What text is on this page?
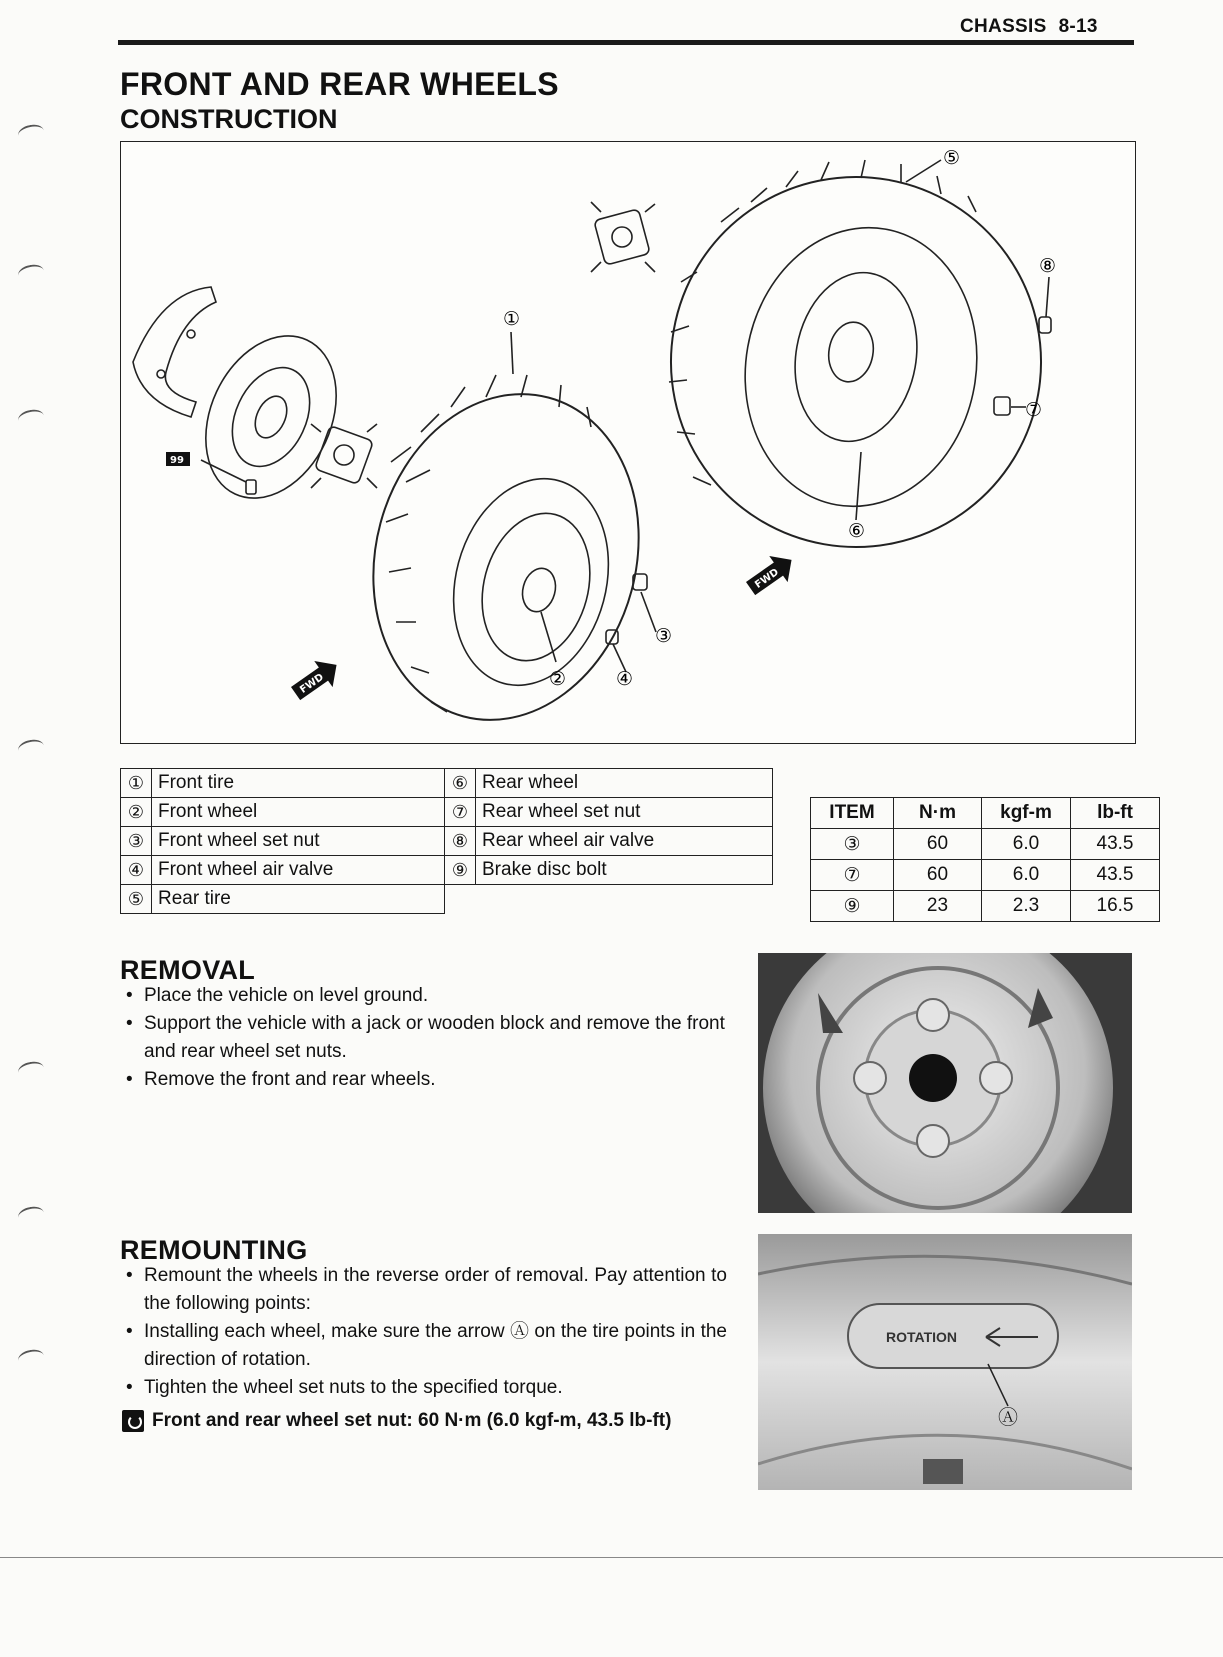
CHASSIS 8-13
FRONT AND REAR WHEELS
CONSTRUCTION
①
②
③
④
⑤
⑥
⑦
⑧
99
FWD
FWD
①	Front tire	⑥	Rear wheel
②	Front wheel	⑦	Rear wheel set nut
③	Front wheel set nut	⑧	Rear wheel air valve
④	Front wheel air valve	⑨	Brake disc bolt
⑤	Rear tire		
ITEM	N·m	kgf-m	lb-ft
③	60	6.0	43.5
⑦	60	6.0	43.5
⑨	23	2.3	16.5
REMOVAL
• Place the vehicle on level ground.
• Support the vehicle with a jack or wooden block and remove the front and rear wheel set nuts.
• Remove the front and rear wheels.
REMOUNTING
• Remount the wheels in the reverse order of removal. Pay attention to the following points:
• Installing each wheel, make sure the arrow Ⓐ on the tire points in the direction of rotation.
• Tighten the wheel set nuts to the specified torque.
Front and rear wheel set nut: 60 N·m (6.0 kgf-m, 43.5 lb-ft)
ROTATION
Ⓐ
